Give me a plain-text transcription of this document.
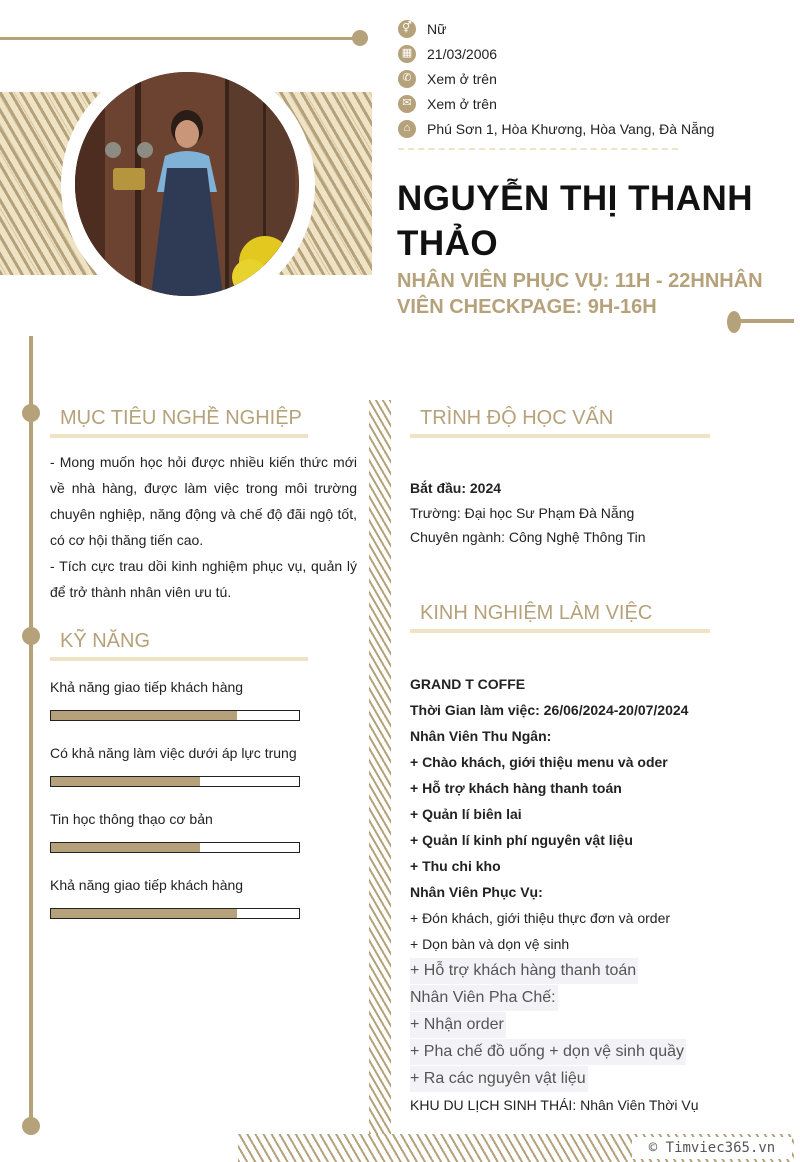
⚥ Nữ
▦ 21/03/2006
✆	Xem ở trên
✉	Xem ở trên
⌂	Phú Sơn 1, Hòa Khương, Hòa Vang, Đà Nẵng
NGUYỄN THỊ THANH THẢO
NHÂN VIÊN PHỤC VỤ: 11H - 22HNHÂN VIÊN CHECKPAGE: 9H-16H
MỤC TIÊU NGHỀ NGHIỆP

- Mong muốn học hỏi được nhiều kiến thức mới về nhà hàng, được làm việc trong môi trường chuyên nghiệp, năng động và chế độ đãi ngộ tốt, có cơ hội thăng tiến cao.

- Tích cực trau dồi kinh nghiệm phục vụ, quản lý để trở thành nhân viên ưu tú.

KỸ NĂNG
Khả năng giao tiếp khách hàng
Có khả năng làm việc dưới áp lực trung
Tin học thông thạo cơ bản
Khả năng giao tiếp khách hàng
TRÌNH ĐỘ HỌC VẤN
Bắt đầu: 2024
Trường: Đại học Sư Phạm Đà Nẵng
Chuyên ngành: Công Nghệ Thông Tin
KINH NGHIỆM LÀM VIỆC
GRAND T COFFE
Thời Gian làm việc: 26/06/2024-20/07/2024
Nhân Viên Thu Ngân:
+ Chào khách, giới thiệu menu và oder
+ Hỗ trợ khách hàng thanh toán
+ Quản lí biên lai
+ Quản lí kinh phí nguyên vật liệu
+ Thu chi kho
Nhân Viên Phục Vụ:
+ Đón khách, giới thiệu thực đơn và order
+ Dọn bàn và dọn vệ sinh
+ Hỗ trợ khách hàng thanh toán
Nhân Viên Pha Chế:
+ Nhận order
+ Pha chế đồ uống + dọn vệ sinh quầy
+ Ra các nguyên vật liệu
KHU DU LỊCH SINH THÁI: Nhân Viên Thời Vụ
© Timviec365.vn
